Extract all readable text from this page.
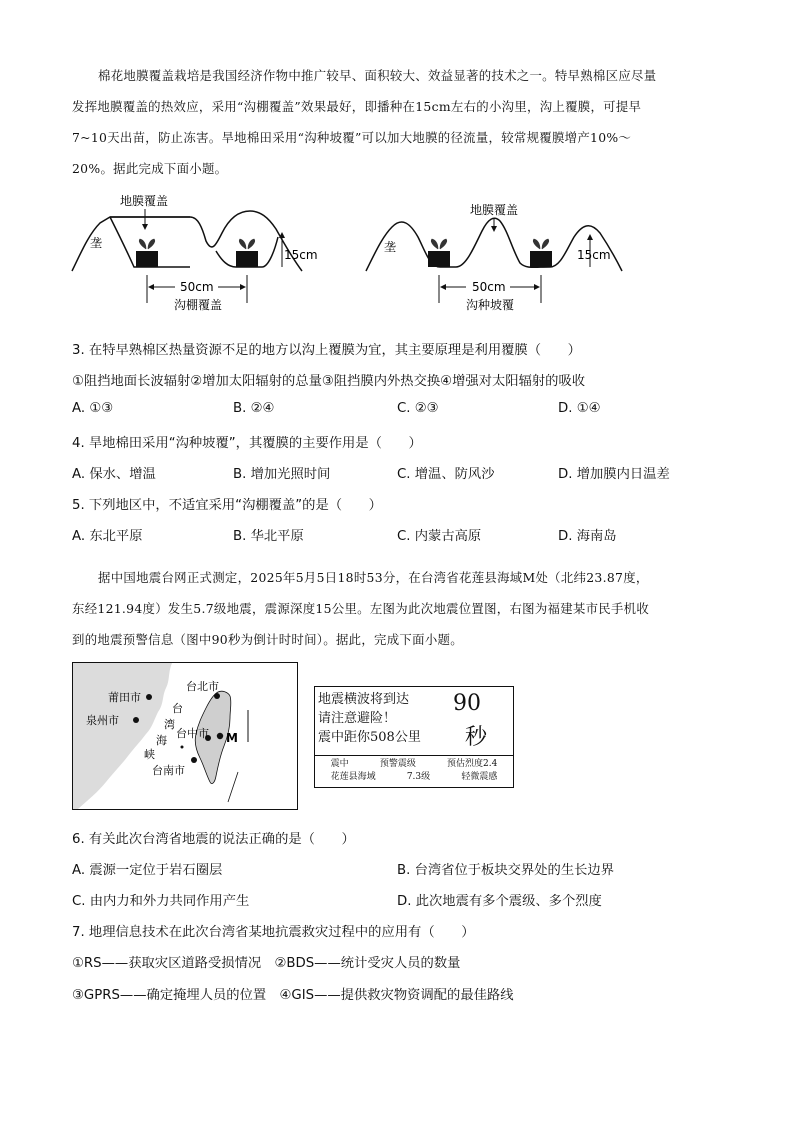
棉花地膜覆盖栽培是我国经济作物中推广较早、面积较大、效益显著的技术之一。特早熟棉区应尽量
发挥地膜覆盖的热效应，采用“沟棚覆盖”效果最好，即播种在15cm左右的小沟里，沟上覆膜，可提早
7~10天出苗，防止冻害。旱地棉田采用“沟种坡覆”可以加大地膜的径流量，较常规覆膜增产10%～
20%。据此完成下面小题。
地膜覆盖
垄
15cm
50cm
沟棚覆盖
地膜覆盖
垄
15cm
50cm
沟种坡覆
3. 在特早熟棉区热量资源不足的地方以沟上覆膜为宜，其主要原理是利用覆膜（　　）
①阻挡地面长波辐射②增加太阳辐射的总量③阻挡膜内外热交换④增强对太阳辐射的吸收
A. ①③	B. ②④	C. ②③	D. ①④
4. 旱地棉田采用“沟种坡覆”，其覆膜的主要作用是（　　）
A. 保水、增温	B. 增加光照时间	C. 增温、防风沙	D. 增加膜内日温差
5. 下列地区中，不适宜采用“沟棚覆盖”的是（　　）
A. 东北平原	B. 华北平原	C. 内蒙古高原	D. 海南岛
据中国地震台网正式测定，2025年5月5日18时53分，在台湾省花莲县海域M处（北纬23.87度，
东经121.94度）发生5.7级地震，震源深度15公里。左图为此次地震位置图，右图为福建某市民手机收
到的地震预警信息（图中90秒为倒计时时间）。据此，完成下面小题。
莆田市
泉州市
台北市
台中市
台南市
M
台
湾
海
峡
地震横波将到达
请注意避险！
震中距你508公里
90
秒
震中	预警震级	预估烈度2.4
花莲县海域	7.3级	轻微震感
6. 有关此次台湾省地震的说法正确的是（　　）
A. 震源一定位于岩石圈层	B. 台湾省位于板块交界处的生长边界
C. 由内力和外力共同作用产生	D. 此次地震有多个震级、多个烈度
7. 地理信息技术在此次台湾省某地抗震救灾过程中的应用有（　　）
①RS——获取灾区道路受损情况　②BDS——统计受灾人员的数量
③GPRS——确定掩埋人员的位置　④GIS——提供救灾物资调配的最佳路线
